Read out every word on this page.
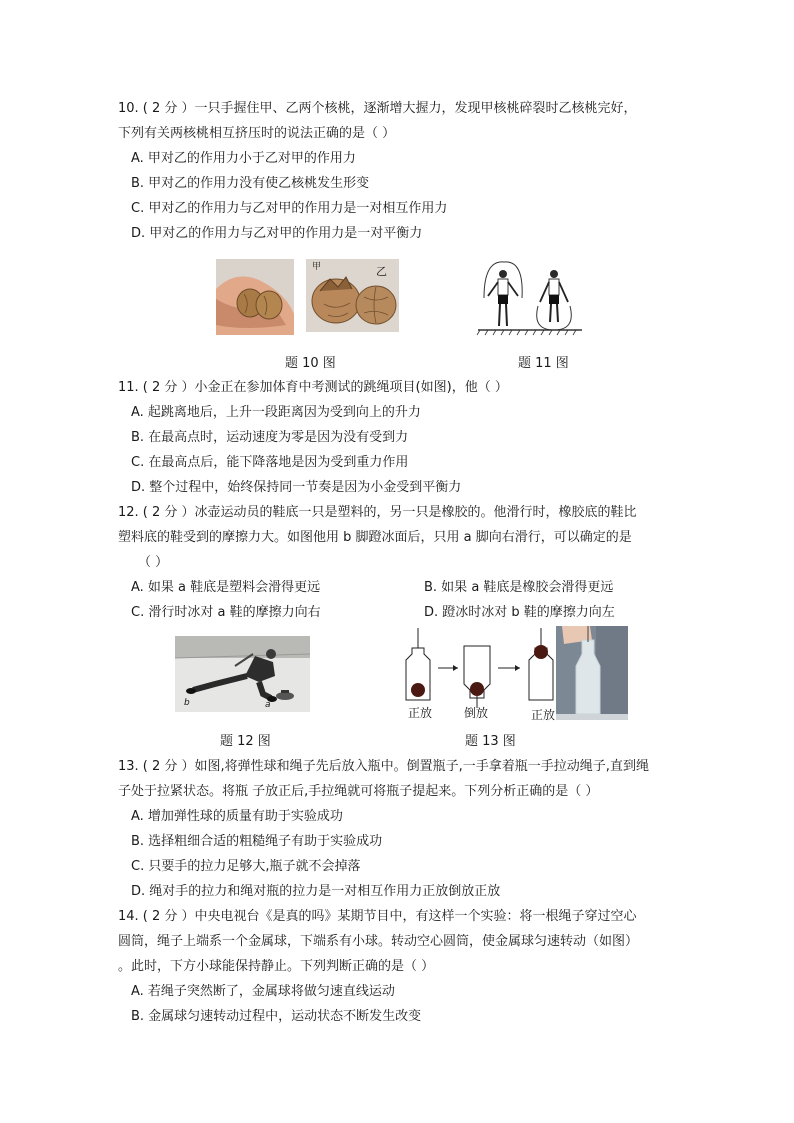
10. ( 2 分 ）一只手握住甲、乙两个核桃，逐渐增大握力，发现甲核桃碎裂时乙核桃完好，
下列有关两核桃相互挤压时的说法正确的是（ ）
A. 甲对乙的作用力小于乙对甲的作用力
B. 甲对乙的作用力没有使乙核桃发生形变
C. 甲对乙的作用力与乙对甲的作用力是一对相互作用力
D. 甲对乙的作用力与乙对甲的作用力是一对平衡力
甲	乙
题 10 图	题 11 图
11. ( 2 分 ）小金正在参加体育中考测试的跳绳项目(如图)，他（ ）
A. 起跳离地后，上升一段距离因为受到向上的升力
B. 在最高点时，运动速度为零是因为没有受到力
C. 在最高点后，能下降落地是因为受到重力作用
D. 整个过程中，始终保持同一节奏是因为小金受到平衡力
12. ( 2 分 ）冰壶运动员的鞋底一只是塑料的，另一只是橡胶的。他滑行时，橡胶底的鞋比
塑料底的鞋受到的摩擦力大。如图他用 b 脚蹬冰面后，只用 a 脚向右滑行，可以确定的是
（ ）
A. 如果 a 鞋底是塑料会滑得更远	B. 如果 a 鞋底是橡胶会滑得更远
C. 滑行时冰对 a 鞋的摩擦力向右	D. 蹬冰时冰对 b 鞋的摩擦力向左
b	a
正放	倒放	正放
题 12 图	题 13 图
13. ( 2 分 ）如图,将弹性球和绳子先后放入瓶中。倒置瓶子,一手拿着瓶一手拉动绳子,直到绳
子处于拉紧状态。将瓶 子放正后,手拉绳就可将瓶子提起来。下列分析正确的是（ ）
A. 增加弹性球的质量有助于实验成功
B. 选择粗细合适的粗糙绳子有助于实验成功
C. 只要手的拉力足够大,瓶子就不会掉落
D. 绳对手的拉力和绳对瓶的拉力是一对相互作用力正放倒放正放
14. ( 2 分 ）中央电视台《是真的吗》某期节目中，有这样一个实验：将一根绳子穿过空心
圆筒，绳子上端系一个金属球，下端系有小球。转动空心圆筒，使金属球匀速转动（如图）
。此时，下方小球能保持静止。下列判断正确的是（ ）
A. 若绳子突然断了，金属球将做匀速直线运动
B. 金属球匀速转动过程中，运动状态不断发生改变
